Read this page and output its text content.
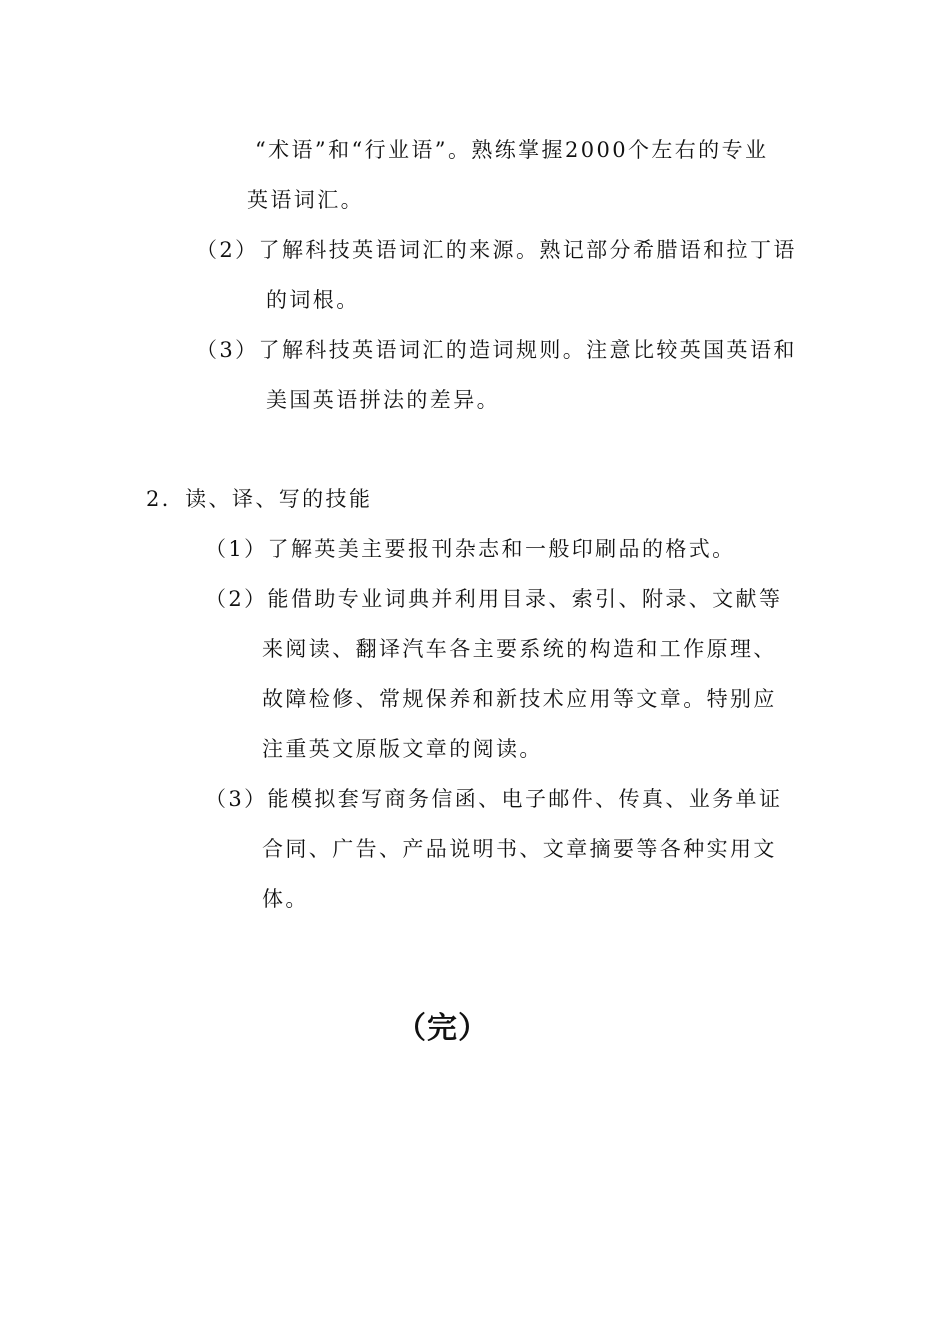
“术语”和“行业语”。熟练掌握2000个左右的专业
英语词汇。
（2）了解科技英语词汇的来源。熟记部分希腊语和拉丁语
的词根。
（3）了解科技英语词汇的造词规则。注意比较英国英语和
美国英语拼法的差异。
2．读、译、写的技能
（1）了解英美主要报刊杂志和一般印刷品的格式。
（2）能借助专业词典并利用目录、索引、附录、文献等
来阅读、翻译汽车各主要系统的构造和工作原理、
故障检修、常规保养和新技术应用等文章。特别应
注重英文原版文章的阅读。
（3）能模拟套写商务信函、电子邮件、传真、业务单证
合同、广告、产品说明书、文章摘要等各种实用文
体。
（完）
